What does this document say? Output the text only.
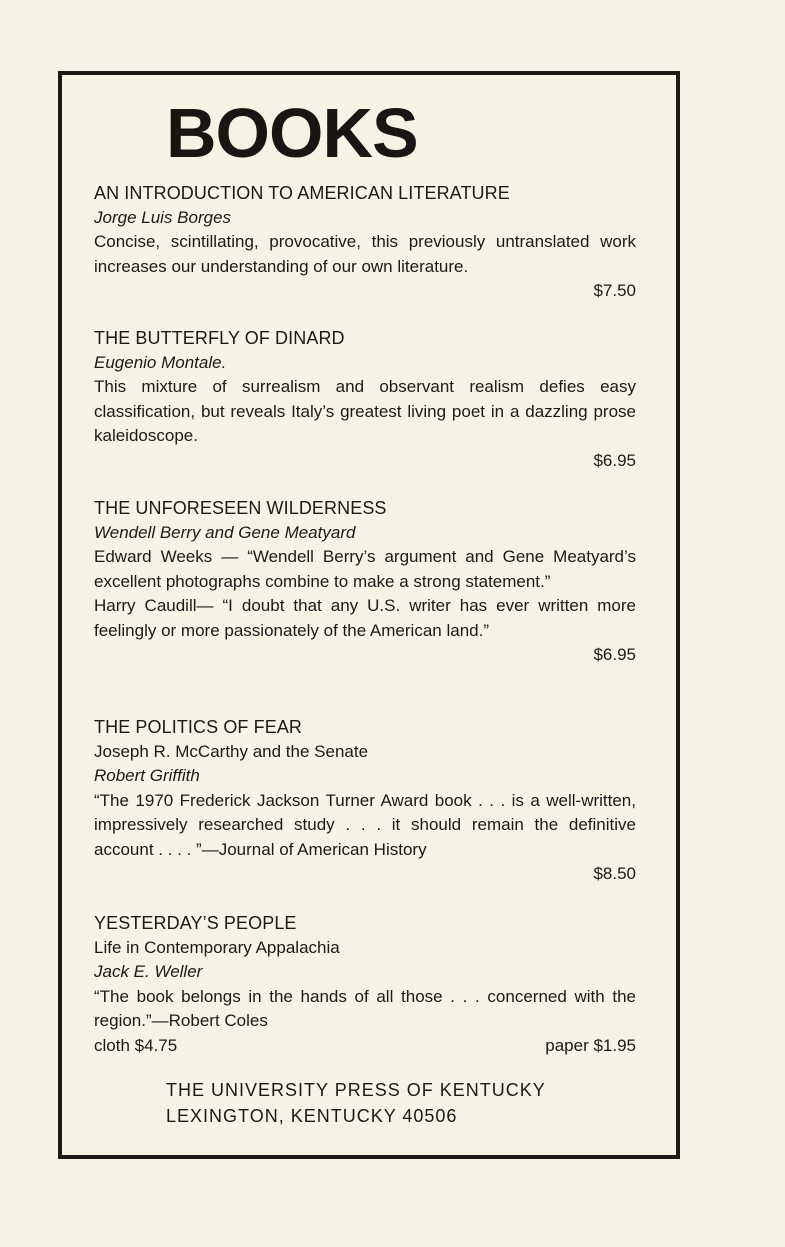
BOOKS
AN INTRODUCTION TO AMERICAN LITERATURE
Jorge Luis Borges
Concise, scintillating, provocative, this previously untranslated work increases our understanding of our own literature.
$7.50
THE BUTTERFLY OF DINARD
Eugenio Montale.
This mixture of surrealism and observant realism defies easy classification, but reveals Italy’s greatest living poet in a dazzling prose kaleidoscope.
$6.95
THE UNFORESEEN WILDERNESS
Wendell Berry and Gene Meatyard

Edward Weeks — “Wendell Berry’s argument and Gene Meatyard’s excellent photographs combine to make a strong statement.”

Harry Caudill— “I doubt that any U.S. writer has ever written more feelingly or more passionately of the American land.”

$6.95
THE POLITICS OF FEAR
Joseph R. McCarthy and the Senate
Robert Griffith
“The 1970 Frederick Jackson Turner Award book . . . is a well-written, impressively researched study . . . it should remain the definitive account . . . . ”—Journal of American History
$8.50
YESTERDAY’S PEOPLE
Life in Contemporary Appalachia
Jack E. Weller
“The book belongs in the hands of all those . . . concerned with the region.”—Robert Coles
cloth $4.75	paper $1.95
THE UNIVERSITY PRESS OF KENTUCKY
LEXINGTON, KENTUCKY 40506
